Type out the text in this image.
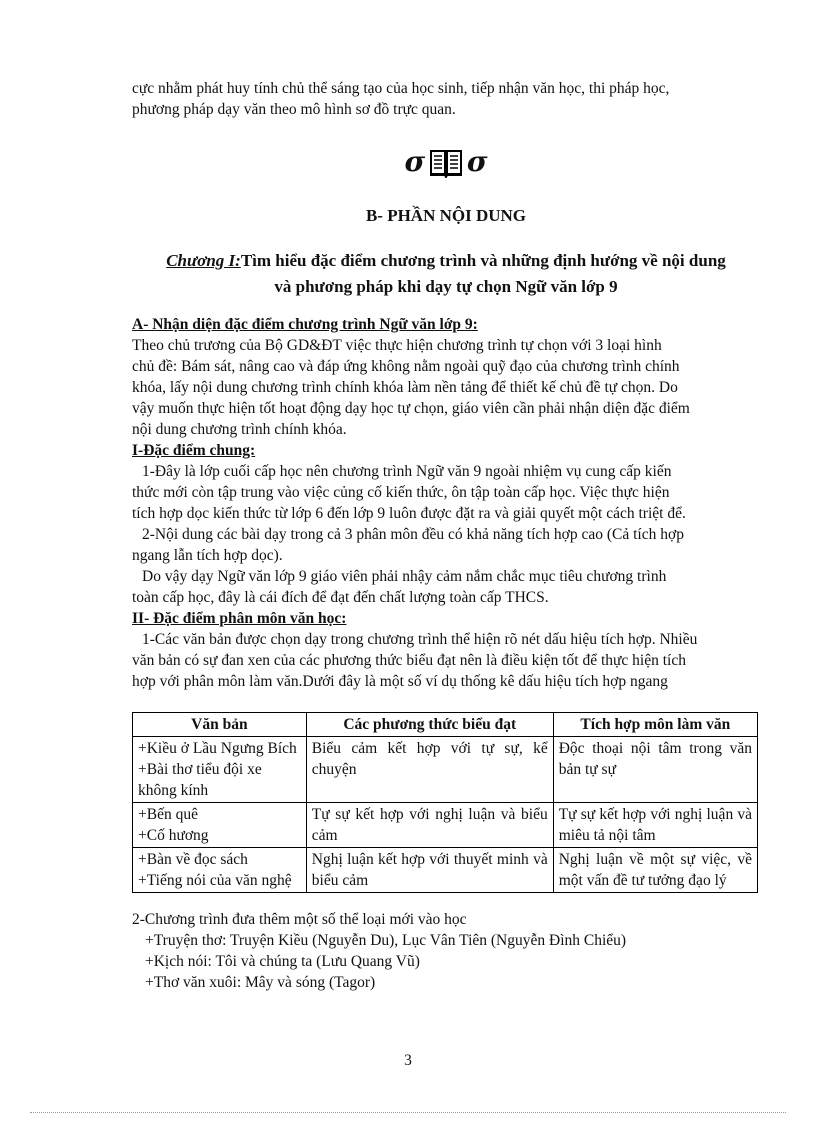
cực nhằm phát huy tính chủ thể sáng tạo của học sinh, tiếp nhận văn học, thi pháp học,

phương pháp dạy văn theo mô hình sơ đồ trực quan.

σ σ
B- PHẦN NỘI DUNG
Chương I:Tìm hiểu đặc điểm chương trình và những định hướng về nội dung
và phương pháp khi dạy tự chọn Ngữ văn lớp 9

A- Nhận diện đặc điểm chương trình Ngữ văn lớp 9:

Theo chủ trương của Bộ GD&ĐT việc thực hiện chương trình tự chọn với 3 loại hình

chủ đề: Bám sát, nâng cao và đáp ứng không nằm ngoài quỹ đạo của chương trình chính

khóa, lấy nội dung chương trình chính khóa làm nền tảng để thiết kế chủ đề tự chọn. Do

vậy muốn thực hiện tốt hoạt động dạy học tự chọn, giáo viên cần phải nhận diện đặc điểm

nội dung chương trình chính khóa.

I-Đặc điểm chung:

1-Đây là lớp cuối cấp học nên chương trình Ngữ văn 9 ngoài nhiệm vụ cung cấp kiến

thức mới còn tập trung vào việc củng cố kiến thức, ôn tập toàn cấp học. Việc thực hiện

tích hợp dọc kiến thức từ lớp 6 đến lớp 9 luôn được đặt ra và giải quyết một cách triệt để.

2-Nội dung các bài dạy trong cả 3 phân môn đều có khả năng tích hợp cao (Cả tích hợp

ngang lẫn tích hợp dọc).

Do vậy dạy Ngữ văn lớp 9 giáo viên phải nhậy cảm nắm chắc mục tiêu chương trình

toàn cấp học, đây là cái đích để đạt đến chất lượng toàn cấp THCS.

II- Đặc điểm phân môn văn học:

1-Các văn bản được chọn dạy trong chương trình thể hiện rõ nét dấu hiệu tích hợp. Nhiều

văn bản có sự đan xen của các phương thức biểu đạt nên là điều kiện tốt để thực hiện tích

hợp với phân môn làm văn.Dưới đây là một số ví dụ thống kê dấu hiệu tích hợp ngang

Văn bản	Các phương thức biểu đạt	Tích hợp môn làm văn
+Kiều ở Lầu Ngưng Bích
+Bài thơ tiểu đội xe không kính	Biểu cảm kết hợp với tự sự, kể chuyện	Độc thoại nội tâm trong văn bản tự sự
+Bến quê
+Cố hương	Tự sự kết hợp với nghị luận và biểu cảm	Tự sự kết hợp với nghị luận và miêu tả nội tâm
+Bàn về đọc sách
+Tiếng nói của văn nghệ	Nghị luận kết hợp với thuyết minh và biểu cảm	Nghị luận về một sự việc, về một vấn đề tư tưởng đạo lý

2-Chương trình đưa thêm một số thể loại mới vào học

+Truyện thơ: Truyện Kiều (Nguyễn Du), Lục Vân Tiên (Nguyễn Đình Chiểu)

+Kịch nói: Tôi và chúng ta (Lưu Quang Vũ)

+Thơ văn xuôi: Mây và sóng (Tagor)

3
